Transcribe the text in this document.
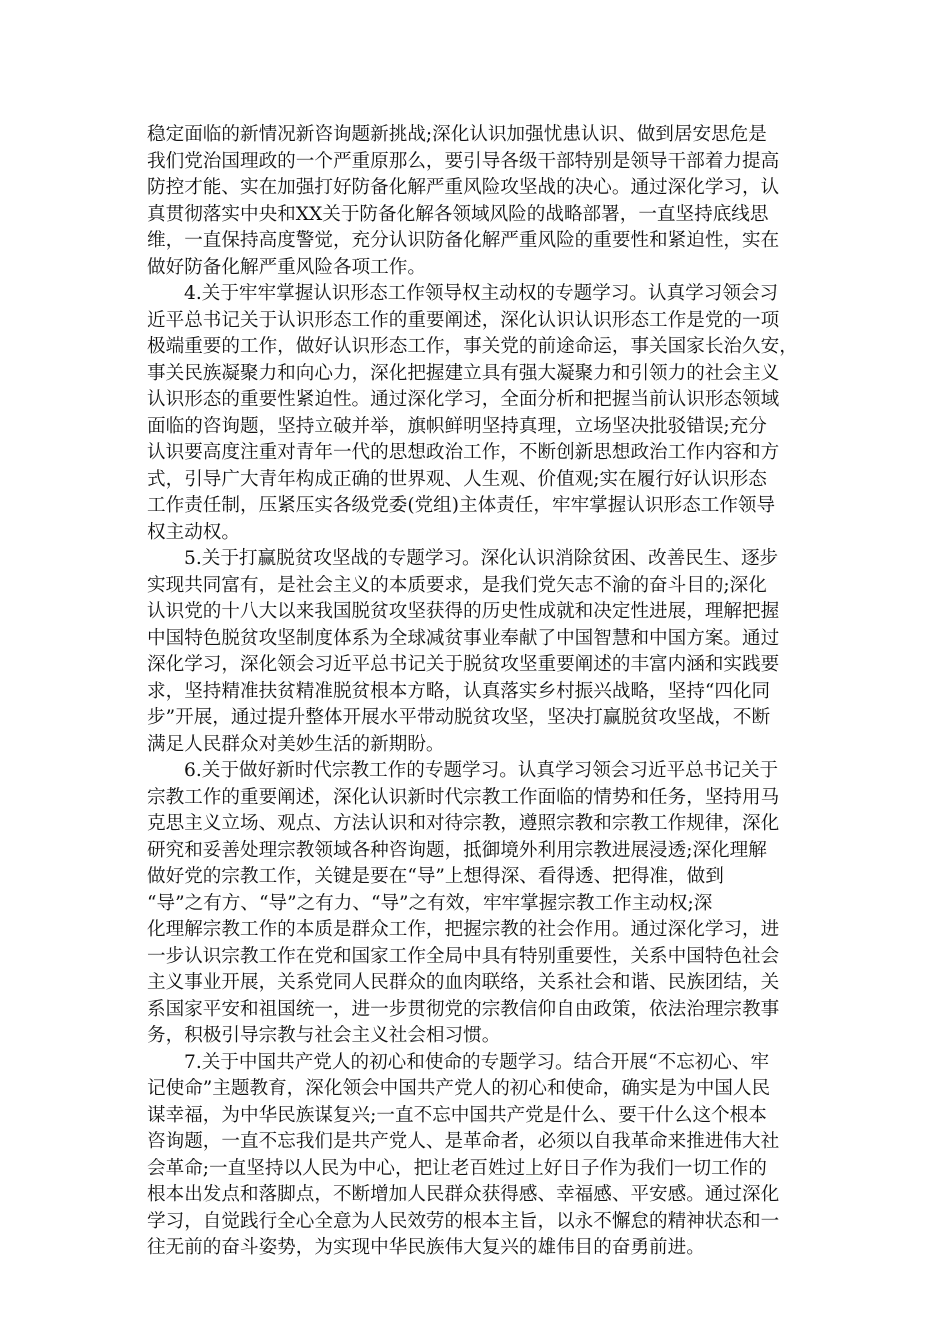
稳定面临的新情况新咨询题新挑战;深化认识加强忧患认识、做到居安思危是
我们党治国理政的一个严重原那么，要引导各级干部特别是领导干部着力提高
防控才能、实在加强打好防备化解严重风险攻坚战的决心。通过深化学习，认
真贯彻落实中央和XX关于防备化解各领域风险的战略部署，一直坚持底线思
维，一直保持高度警觉，充分认识防备化解严重风险的重要性和紧迫性，实在
做好防备化解严重风险各项工作。
4.关于牢牢掌握认识形态工作领导权主动权的专题学习。认真学习领会习
近平总书记关于认识形态工作的重要阐述，深化认识认识形态工作是党的一项
极端重要的工作，做好认识形态工作，事关党的前途命运，事关国家长治久安，
事关民族凝聚力和向心力，深化把握建立具有强大凝聚力和引领力的社会主义
认识形态的重要性紧迫性。通过深化学习，全面分析和把握当前认识形态领域
面临的咨询题，坚持立破并举，旗帜鲜明坚持真理，立场坚决批驳错误;充分
认识要高度注重对青年一代的思想政治工作，不断创新思想政治工作内容和方
式，引导广大青年构成正确的世界观、人生观、价值观;实在履行好认识形态
工作责任制，压紧压实各级党委(党组)主体责任，牢牢掌握认识形态工作领导
权主动权。
5.关于打赢脱贫攻坚战的专题学习。深化认识消除贫困、改善民生、逐步
实现共同富有，是社会主义的本质要求，是我们党矢志不渝的奋斗目的;深化
认识党的十八大以来我国脱贫攻坚获得的历史性成就和决定性进展，理解把握
中国特色脱贫攻坚制度体系为全球减贫事业奉献了中国智慧和中国方案。通过
深化学习，深化领会习近平总书记关于脱贫攻坚重要阐述的丰富内涵和实践要
求，坚持精准扶贫精准脱贫根本方略，认真落实乡村振兴战略，坚持“四化同
步”开展，通过提升整体开展水平带动脱贫攻坚，坚决打赢脱贫攻坚战，不断
满足人民群众对美妙生活的新期盼。
6.关于做好新时代宗教工作的专题学习。认真学习领会习近平总书记关于
宗教工作的重要阐述，深化认识新时代宗教工作面临的情势和任务，坚持用马
克思主义立场、观点、方法认识和对待宗教，遵照宗教和宗教工作规律，深化
研究和妥善处理宗教领域各种咨询题，抵御境外利用宗教进展浸透;深化理解
做好党的宗教工作，关键是要在“导”上想得深、看得透、把得准，做到
“导”之有方、“导”之有力、“导”之有效，牢牢掌握宗教工作主动权;深
化理解宗教工作的本质是群众工作，把握宗教的社会作用。通过深化学习，进
一步认识宗教工作在党和国家工作全局中具有特别重要性，关系中国特色社会
主义事业开展，关系党同人民群众的血肉联络，关系社会和谐、民族团结，关
系国家平安和祖国统一，进一步贯彻党的宗教信仰自由政策，依法治理宗教事
务，积极引导宗教与社会主义社会相习惯。
7.关于中国共产党人的初心和使命的专题学习。结合开展“不忘初心、牢
记使命”主题教育，深化领会中国共产党人的初心和使命，确实是为中国人民
谋幸福，为中华民族谋复兴;一直不忘中国共产党是什么、要干什么这个根本
咨询题，一直不忘我们是共产党人、是革命者，必须以自我革命来推进伟大社
会革命;一直坚持以人民为中心，把让老百姓过上好日子作为我们一切工作的
根本出发点和落脚点，不断增加人民群众获得感、幸福感、平安感。通过深化
学习，自觉践行全心全意为人民效劳的根本主旨，以永不懈怠的精神状态和一
往无前的奋斗姿势，为实现中华民族伟大复兴的雄伟目的奋勇前进。
